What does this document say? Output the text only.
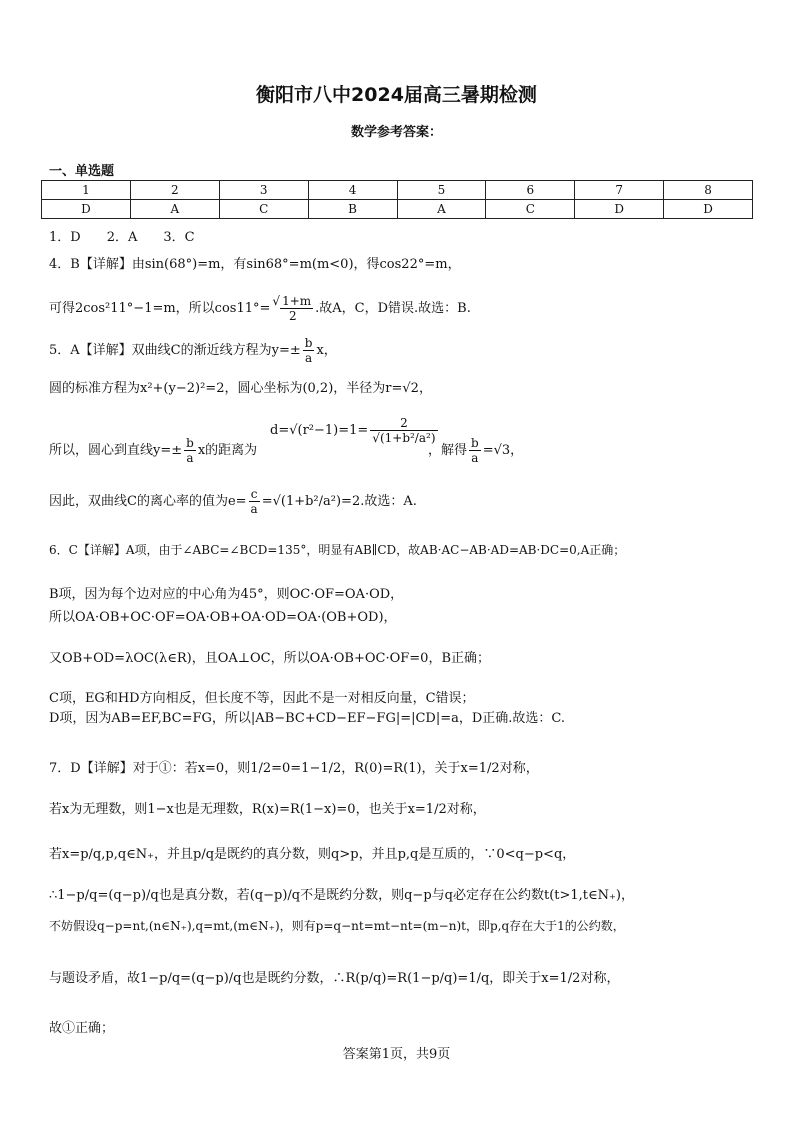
衡阳市八中2024届高三暑期检测
数学参考答案：
一、单选题
1	2	3	4	5	6	7	8
D	A	C	B	A	C	D	D
1．D　　2．A　　3．C
4．B【详解】由sin(68°)=m，有sin68°=m(m<0)，得cos22°=m，
可得2cos²11°−1=m，所以cos11°= √ 1+m
2	.故A，C，D错误.故选：B.
5．A【详解】双曲线C的渐近线方程为$y=\pm \frac{b}{a}$ x，
圆的标准方程为x²+(y−2)²=2，圆心坐标为(0,2)，半径为r=√2，
$d=√(r^2-1)=1= \frac{2}{\text{√(1+b²/a²)}}$
所以，圆心到直线$y=\pm \frac{b}{a}$ x的距离为	，解得 $\frac{b}{a} =√3$，
因此，双曲线C的离心率的值为$e= \frac{c}{a} =√(1+b^2/a^2)=2$.故选：A.
6．C【详解】A项，由于∠ABC=∠BCD=135°，明显有AB∥CD，故AB·AC−AB·AD=AB·DC=0,A正确；
B项，因为每个边对应的中心角为45°，则OC·OF=OA·OD，
所以OA·OB+OC·OF=OA·OB+OA·OD=OA·(OB+OD)，
又OB+OD=λOC(λ∈R)，且OA⊥OC，所以OA·OB+OC·OF=0，B正确；
C项，EG和HD方向相反，但长度不等，因此不是一对相反向量，C错误；
D项，因为AB=EF,BC=FG，所以|AB−BC+CD−EF−FG|=|CD|=a，D正确.故选：C.
7．D【详解】对于①：若x=0，则1/2=0=1−1/2，R(0)=R(1)，关于x=1/2对称，
若x为无理数，则1−x也是无理数，R(x)=R(1−x)=0，也关于x=1/2对称，
若x=p/q,p,q∈N₊，并且p/q是既约的真分数，则q>p，并且p,q是互质的，∵0<q−p<q，
∴1−p/q=(q−p)/q也是真分数，若(q−p)/q不是既约分数，则q−p与q必定存在公约数t(t>1,t∈N₊)，
不妨假设q−p=nt,(n∈N₊),q=mt,(m∈N₊)，则有p=q−nt=mt−nt=(m−n)t，即p,q存在大于1的公约数，
与题设矛盾，故1−p/q=(q−p)/q也是既约分数，∴R(p/q)=R(1−p/q)=1/q，即关于x=1/2对称，
故①正确；
答案第1页，共9页
